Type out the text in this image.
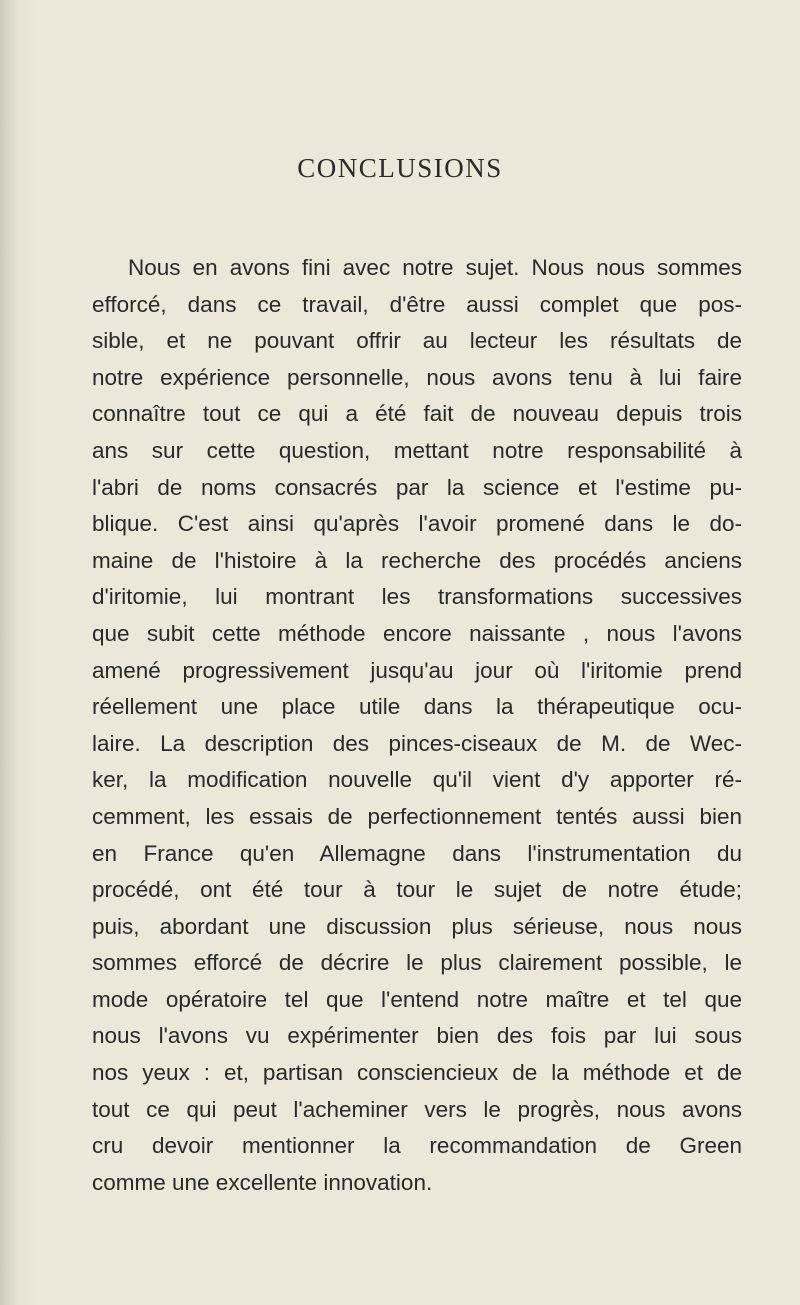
CONCLUSIONS
Nous en avons fini avec notre sujet. Nous nous sommes
efforcé, dans ce travail, d'être aussi complet que pos-
sible, et ne pouvant offrir au lecteur les résultats de
notre expérience personnelle, nous avons tenu à lui faire
connaître tout ce qui a été fait de nouveau depuis trois
ans sur cette question, mettant notre responsabilité à
l'abri de noms consacrés par la science et l'estime pu-
blique. C'est ainsi qu'après l'avoir promené dans le do-
maine de l'histoire à la recherche des procédés anciens
d'iritomie, lui montrant les transformations successives
que subit cette méthode encore naissante , nous l'avons
amené progressivement jusqu'au jour où l'iritomie prend
réellement une place utile dans la thérapeutique ocu-
laire. La description des pinces-ciseaux de M. de Wec-
ker, la modification nouvelle qu'il vient d'y apporter ré-
cemment, les essais de perfectionnement tentés aussi bien
en France qu'en Allemagne dans l'instrumentation du
procédé, ont été tour à tour le sujet de notre étude;
puis, abordant une discussion plus sérieuse, nous nous
sommes efforcé de décrire le plus clairement possible, le
mode opératoire tel que l'entend notre maître et tel que
nous l'avons vu expérimenter bien des fois par lui sous
nos yeux : et, partisan consciencieux de la méthode et de
tout ce qui peut l'acheminer vers le progrès, nous avons
cru devoir mentionner la recommandation de Green
comme une excellente innovation.
